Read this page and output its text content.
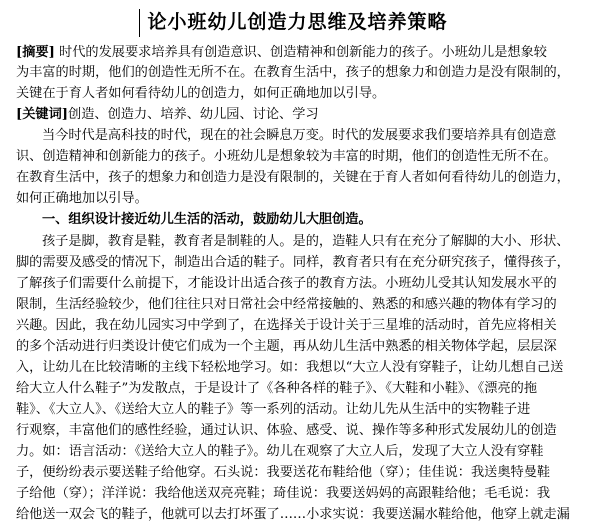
论小班幼儿创造力思维及培养策略
[摘要] 时代的发展要求培养具有创造意识、创造精神和创新能力的孩子。小班幼儿是想象较
为丰富的时期，他们的创造性无所不在。在教育生活中，孩子的想象力和创造力是没有限制的，
关键在于育人者如何看待幼儿的创造力，如何正确地加以引导。
[关键词]创造、创造力、培养、幼儿园、讨论、学习
当今时代是高科技的时代，现在的社会瞬息万变。时代的发展要求我们要培养具有创造意
识、创造精神和创新能力的孩子。小班幼儿是想象较为丰富的时期，他们的创造性无所不在。
在教育生活中，孩子的想象力和创造力是没有限制的，关键在于育人者如何看待幼儿的创造力，
如何正确地加以引导。
一、组织设计接近幼儿生活的活动，鼓励幼儿大胆创造。
孩子是脚，教育是鞋，教育者是制鞋的人。是的，造鞋人只有在充分了解脚的大小、形状、
脚的需要及感受的情况下，制造出合适的鞋子。同样，教育者只有在充分研究孩子，懂得孩子，
了解孩子们需要什么前提下，才能设计出适合孩子的教育方法。小班幼儿受其认知发展水平的
限制，生活经验较少，他们往往只对日常社会中经常接触的、熟悉的和感兴趣的物体有学习的
兴趣。因此，我在幼儿园实习中学到了，在选择关于设计关于三星堆的活动时，首先应将相关
的多个活动进行归类设计使它们成为一个主题，再从幼儿生活中熟悉的相关物体学起，层层深
入，让幼儿在比较清晰的主线下轻松地学习。如：我想以“大立人没有穿鞋子，让幼儿想自己送
给大立人什么鞋子”为发散点，于是设计了《各种各样的鞋子》、《大鞋和小鞋》、《漂亮的拖
鞋》、《大立人》、《送给大立人的鞋子》等一系列的活动。让幼儿先从生活中的实物鞋子进
行观察，丰富他们的感性经验，通过认识、体验、感受、说、操作等多种形式发展幼儿的创造
力。如：语言活动：《送给大立人的鞋子》。幼儿在观察了大立人后，发现了大立人没有穿鞋
子，便纷纷表示要送鞋子给他穿。石头说：我要送花布鞋给他（穿）；佳佳说：我送奥特曼鞋
子给他（穿）；洋洋说：我给他送双亮亮鞋；琦佳说：我要送妈妈的高跟鞋给他；毛毛说：我
给他送一双会飞的鞋子，他就可以去打坏蛋了……小求实说：我要送漏水鞋给他，他穿上就走漏
